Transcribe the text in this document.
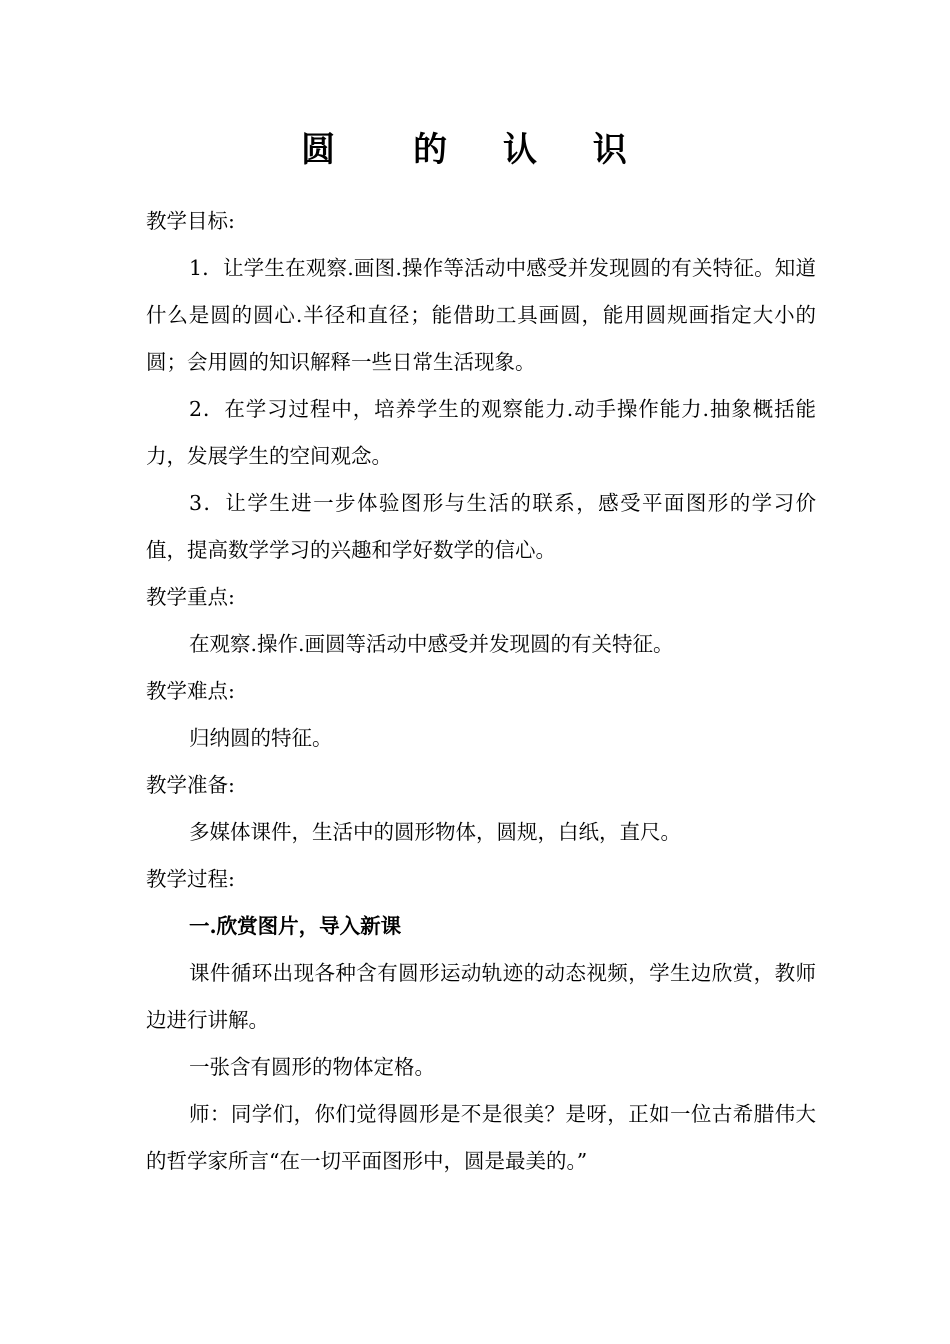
圆　的 认 识

教学目标:

1．让学生在观察.画图.操作等活动中感受并发现圆的有关特征。知道什么是圆的圆心.半径和直径；能借助工具画圆，能用圆规画指定大小的圆；会用圆的知识解释一些日常生活现象。

2．在学习过程中，培养学生的观察能力.动手操作能力.抽象概括能力，发展学生的空间观念。

3．让学生进一步体验图形与生活的联系，感受平面图形的学习价值，提高数学学习的兴趣和学好数学的信心。

教学重点:

在观察.操作.画圆等活动中感受并发现圆的有关特征。

教学难点:

归纳圆的特征。

教学准备:

多媒体课件，生活中的圆形物体，圆规，白纸，直尺。

教学过程:

一.欣赏图片，导入新课

课件循环出现各种含有圆形运动轨迹的动态视频，学生边欣赏，教师边进行讲解。

一张含有圆形的物体定格。

师：同学们，你们觉得圆形是不是很美？是呀，正如一位古希腊伟大的哲学家所言“在一切平面图形中，圆是最美的。”
